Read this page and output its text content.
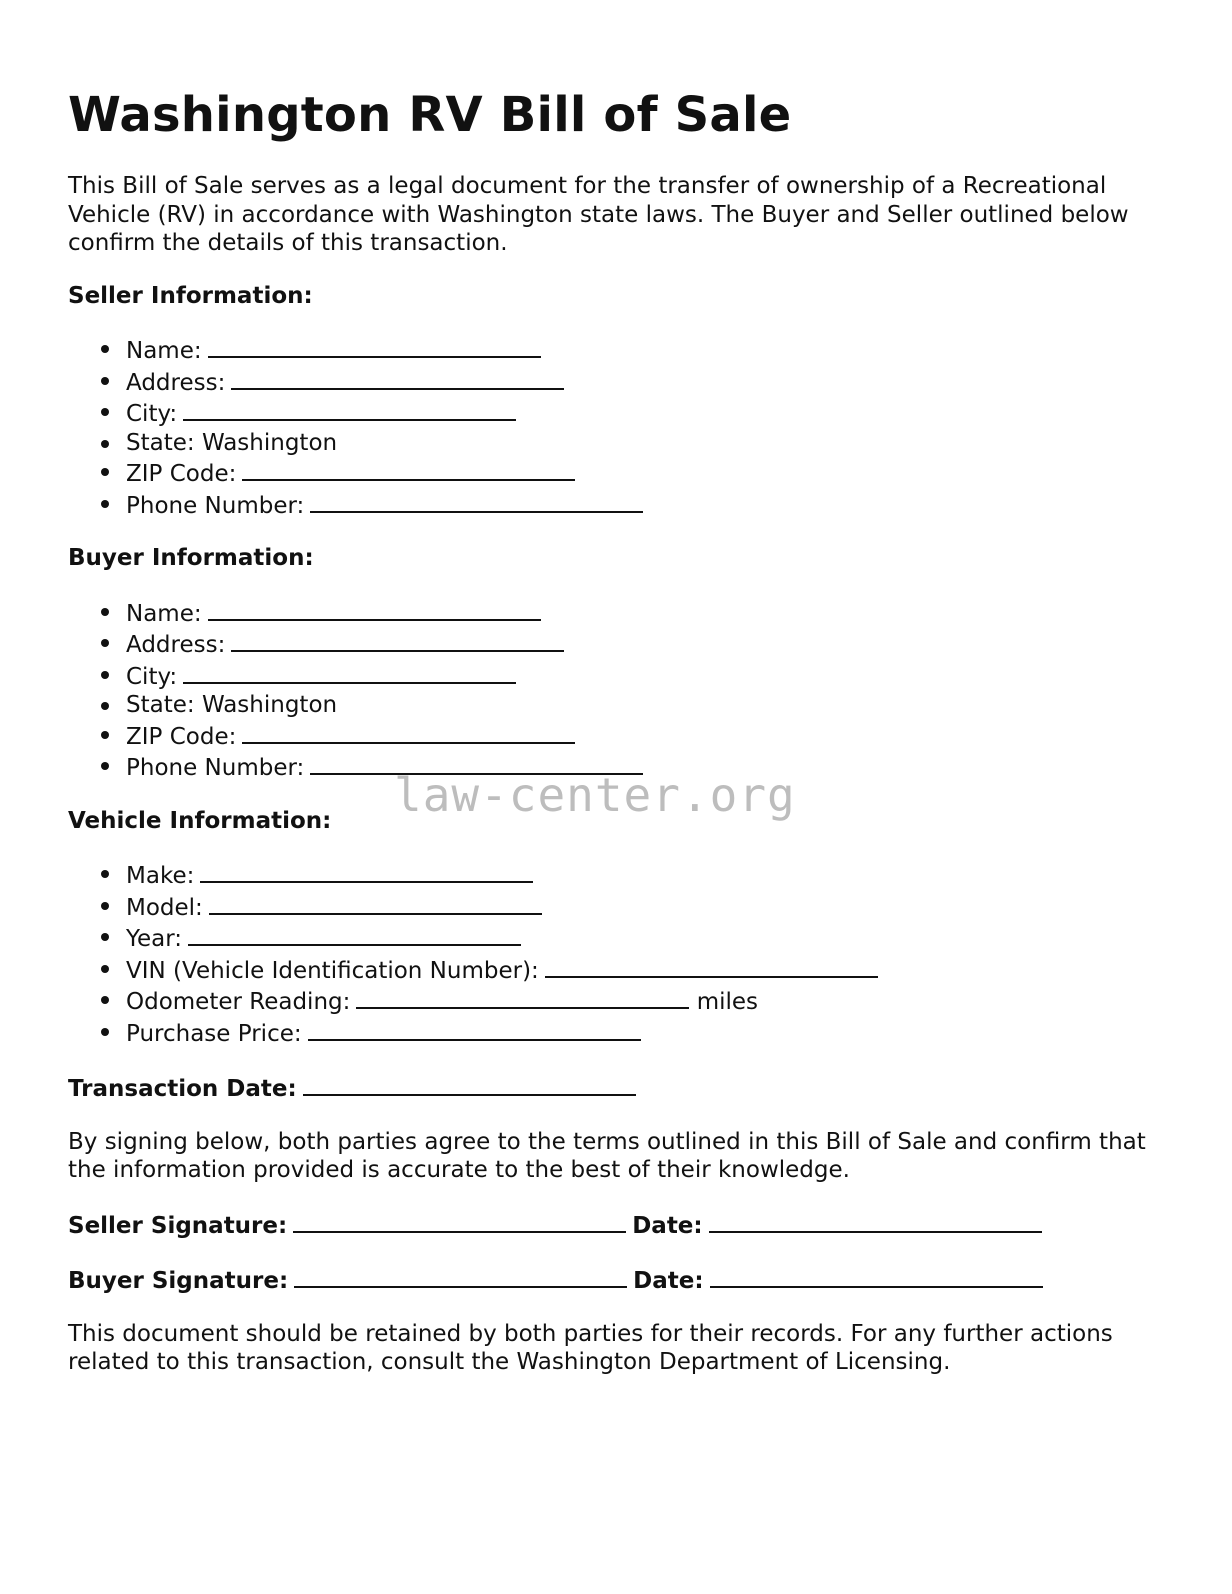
Washington RV Bill of Sale

This Bill of Sale serves as a legal document for the transfer of ownership of a Recreational Vehicle (RV) in accordance with Washington state laws. The Buyer and Seller outlined below confirm the details of this transaction.

Seller Information:
Name:
Address:
City:
State: Washington
ZIP Code:
Phone Number:
Buyer Information:
Name:
Address:
City:
State: Washington
ZIP Code:
Phone Number:
Vehicle Information: law-center.org
Make:
Model:
Year:
VIN (Vehicle Identification Number):
Odometer Reading:	miles
Purchase Price:
Transaction Date:

By signing below, both parties agree to the terms outlined in this Bill of Sale and confirm that the information provided is accurate to the best of their knowledge.

Seller Signature:	Date:
Buyer Signature:	Date:

This document should be retained by both parties for their records. For any further actions related to this transaction, consult the Washington Department of Licensing.
